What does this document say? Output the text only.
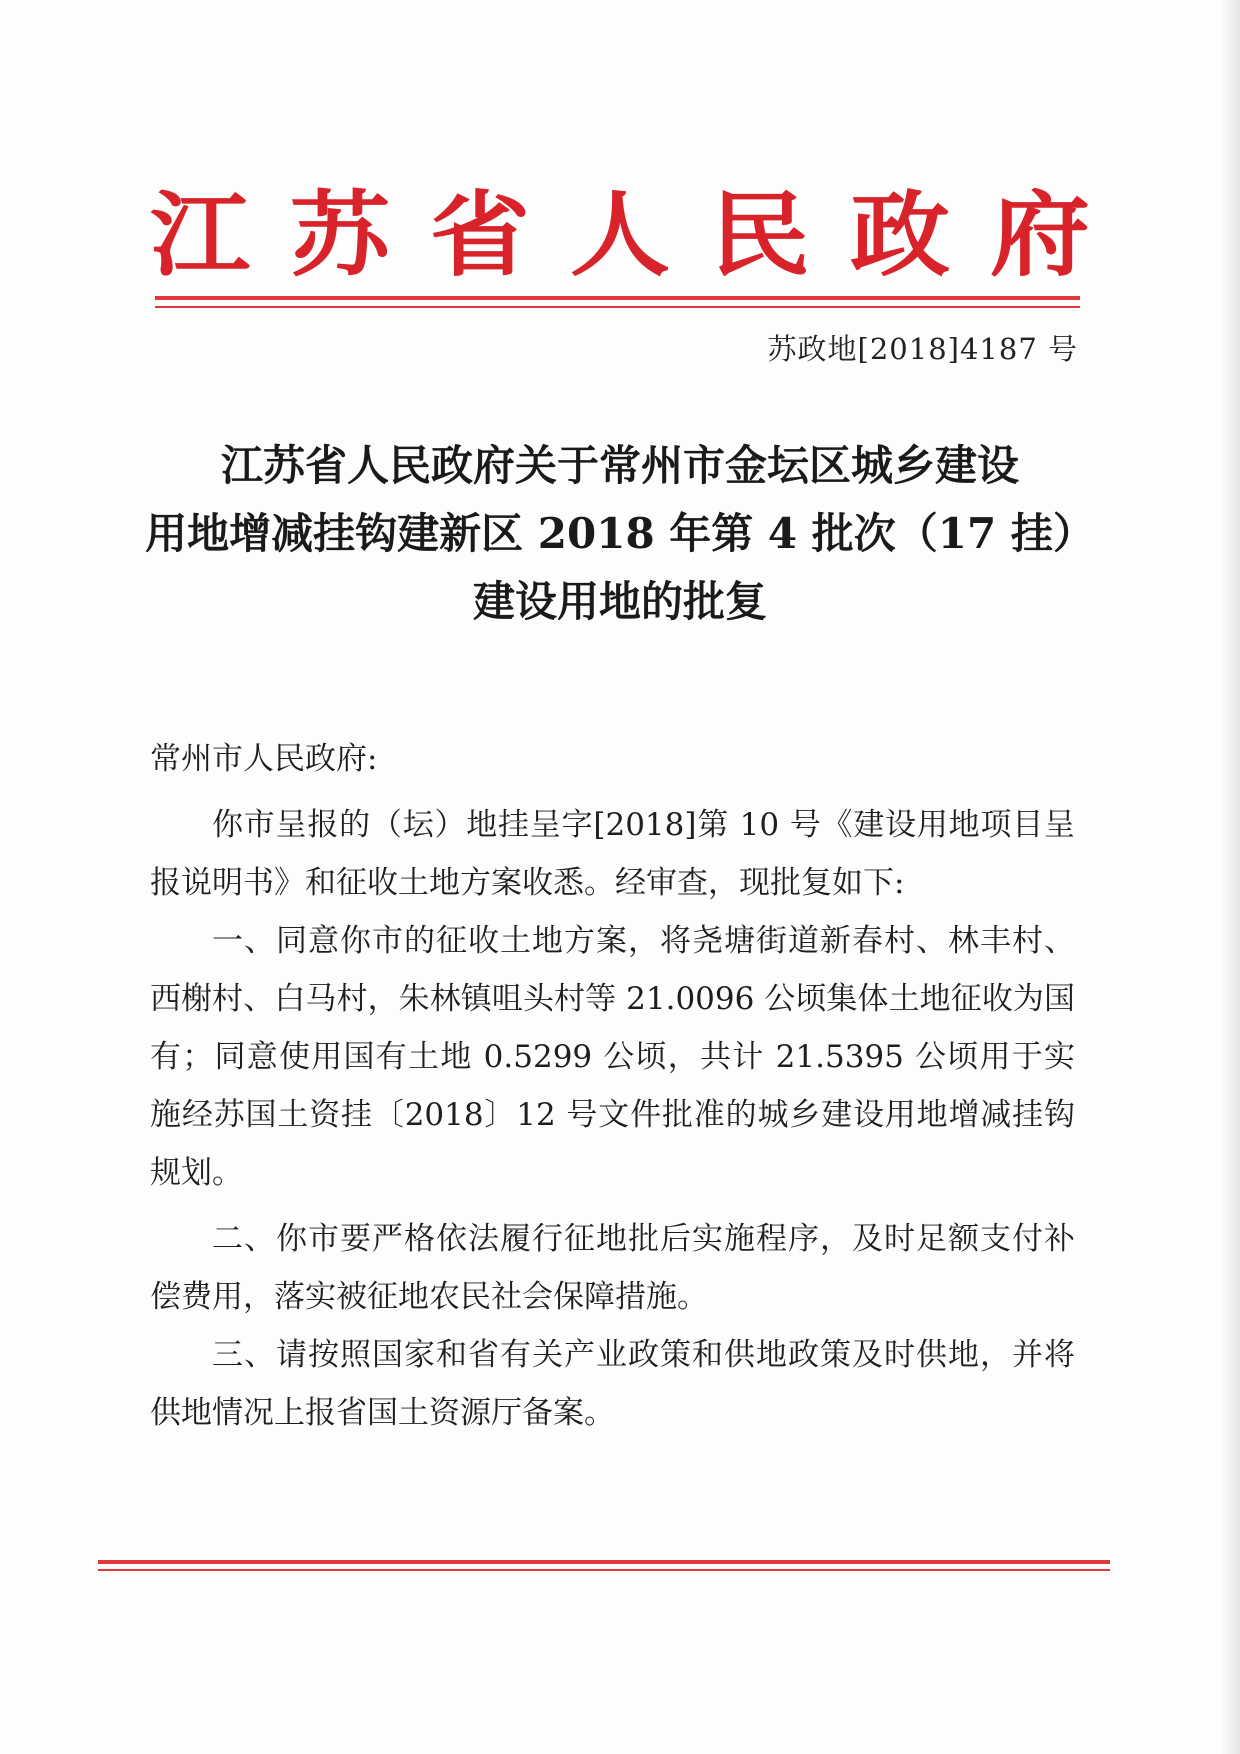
江 苏 省 人 民 政 府
苏政地[2018]4187 号
江苏省人民政府关于常州市金坛区城乡建设
用地增减挂钩建新区 2018 年第 4 批次（17 挂）
建设用地的批复

常州市人民政府:

你市呈报的（坛）地挂呈字[2018]第 10 号《建设用地项目呈报说明书》和征收土地方案收悉。经审查，现批复如下:

一、同意你市的征收土地方案，将尧塘街道新春村、林丰村、西榭村、白马村，朱林镇咀头村等 21.0096 公顷集体土地征收为国有；同意使用国有土地 0.5299 公顷，共计 21.5395 公顷用于实施经苏国土资挂〔2018〕12 号文件批准的城乡建设用地增减挂钩规划。

二、你市要严格依法履行征地批后实施程序，及时足额支付补偿费用，落实被征地农民社会保障措施。

三、请按照国家和省有关产业政策和供地政策及时供地，并将供地情况上报省国土资源厅备案。
